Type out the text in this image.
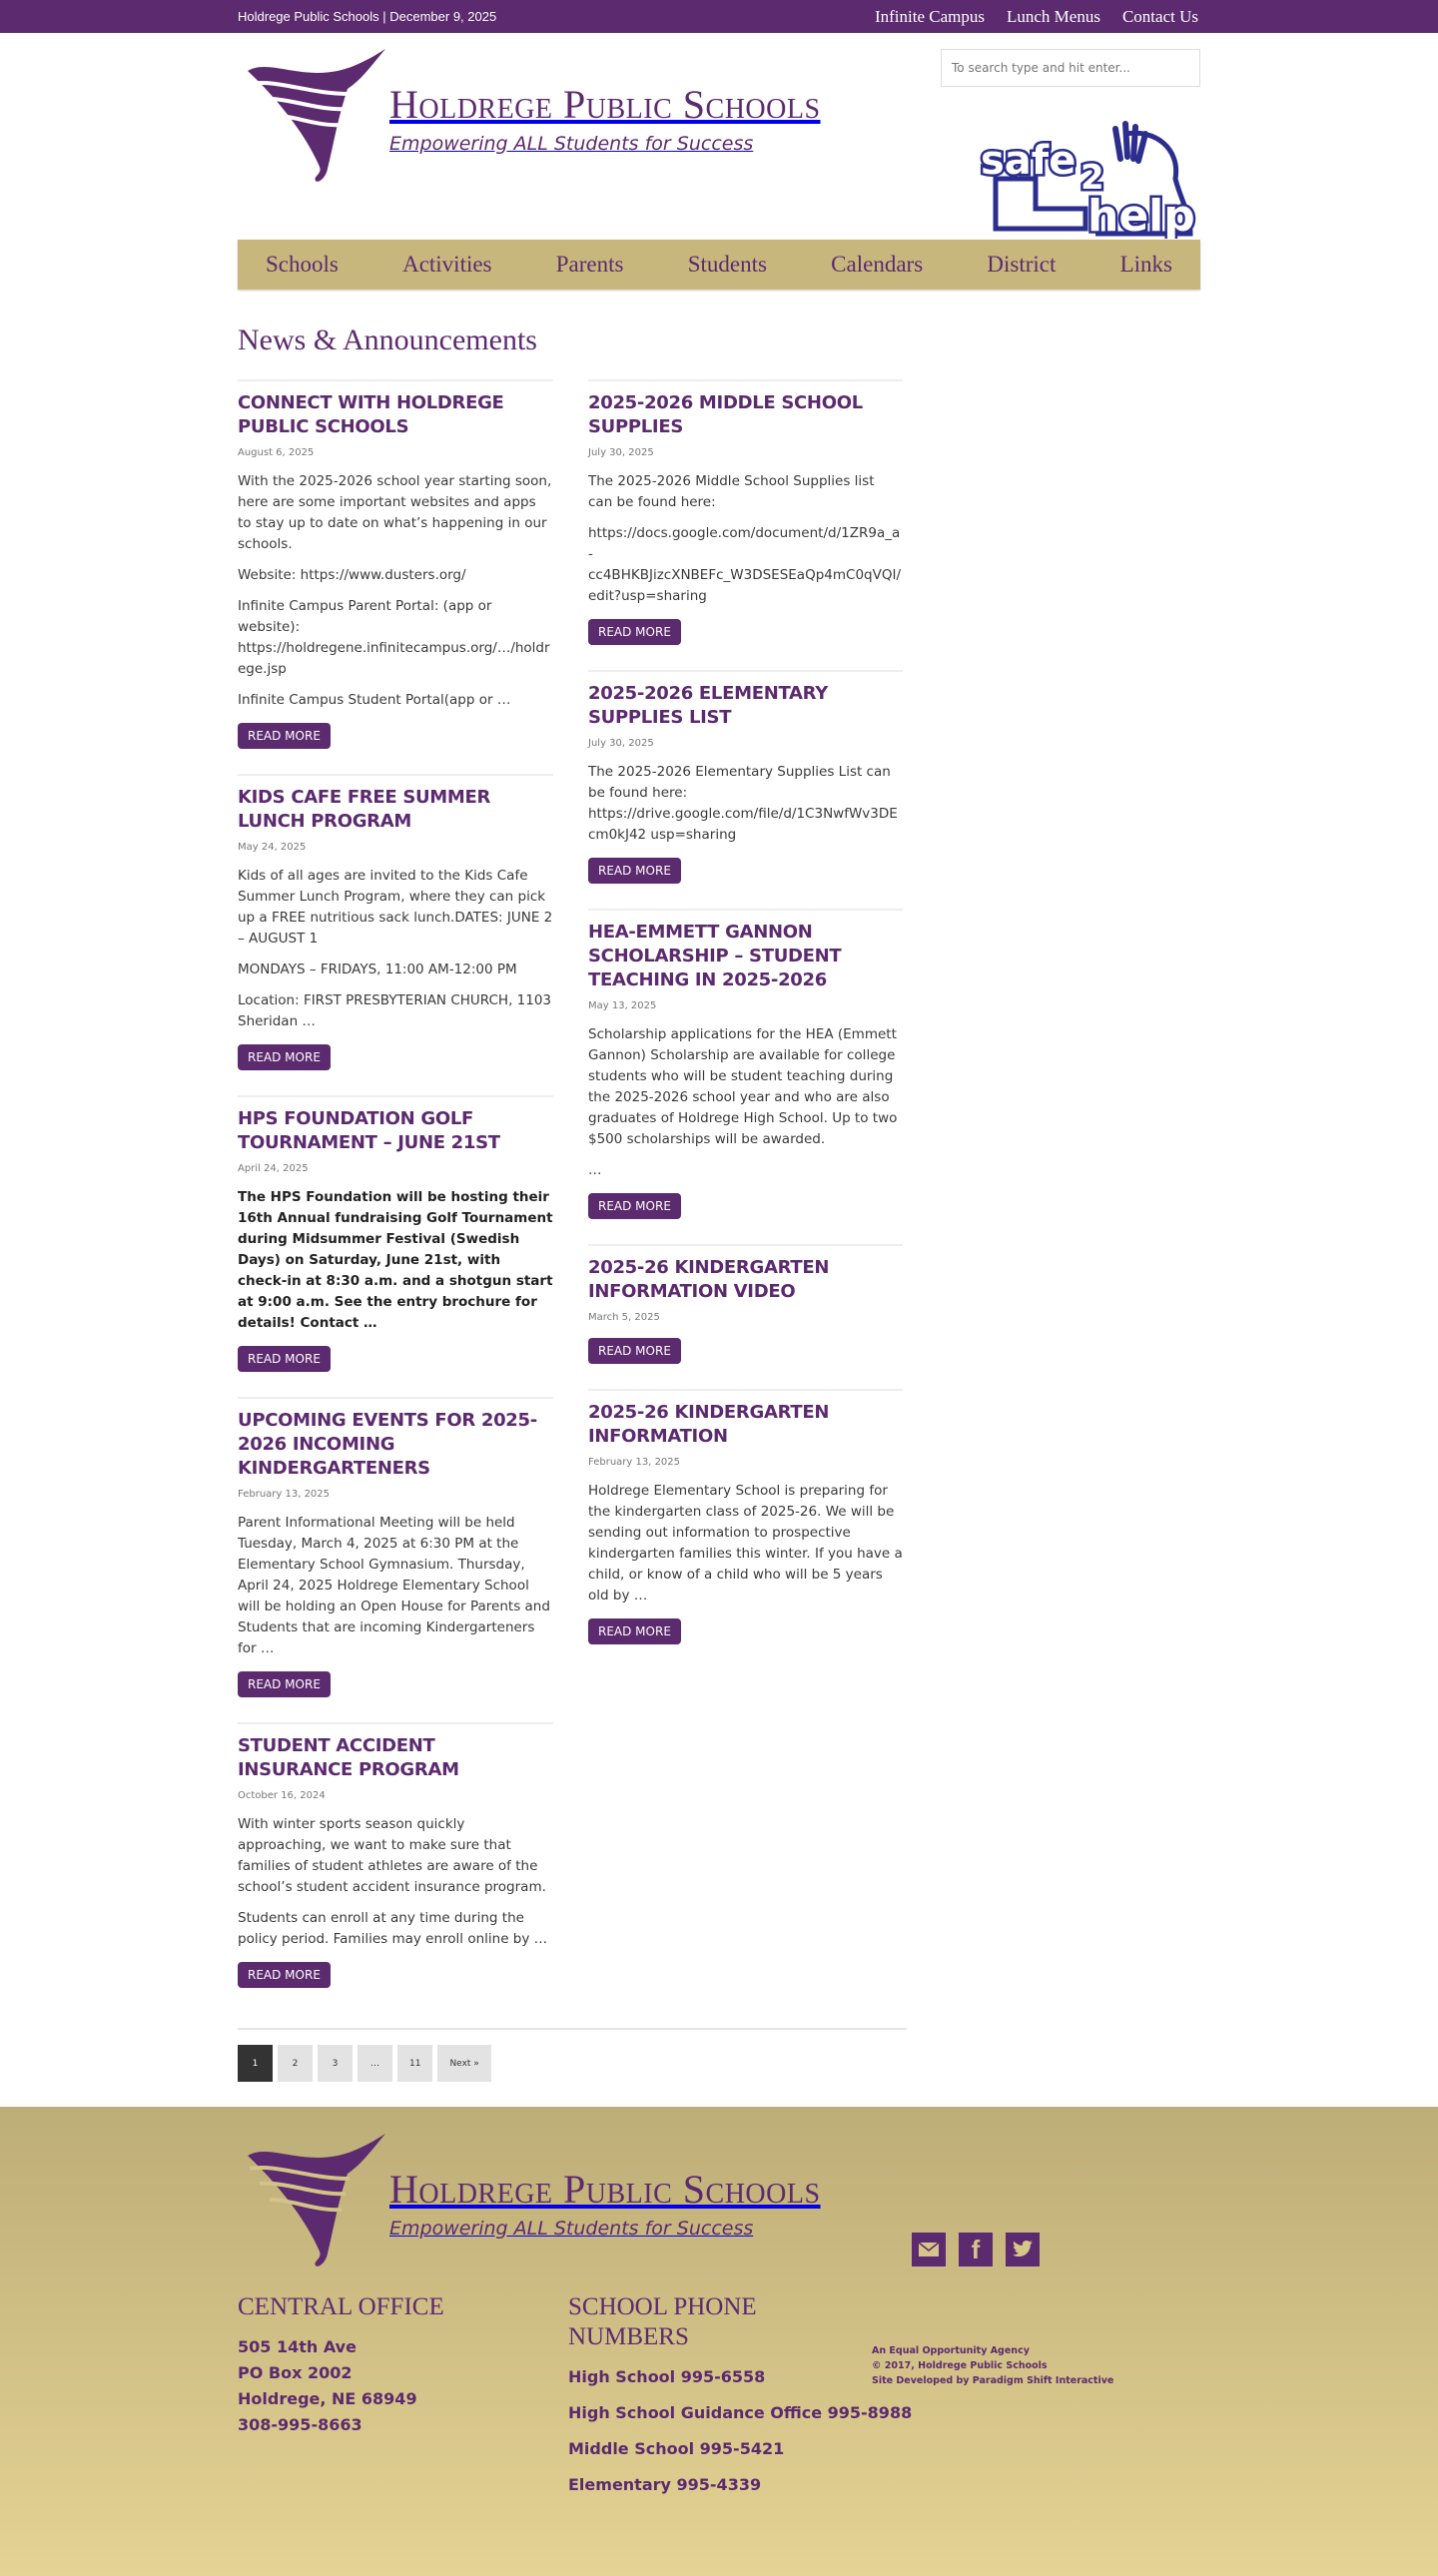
Holdrege Public Schools | December 9, 2025	Infinite Campus Lunch Menus Contact Us
Holdrege Public Schools
Empowering ALL Students for Success
To search type and hit enter...	safe 2
help
Schools	Activities	Parents	Students	Calendars	District	Links
News & Announcements
CONNECT WITH HOLDREGE PUBLIC SCHOOLS
August 6, 2025

With the 2025-2026 school year starting soon, here are some important websites and apps to stay up to date on what’s happening in our schools.

Website: https://www.dusters.org/

Infinite Campus Parent Portal: (app or website): https://holdregene.infinitecampus.org/…/holdrege.jsp

Infinite Campus Student Portal(app or …

READ MORE
KIDS CAFE FREE SUMMER LUNCH PROGRAM
May 24, 2025

Kids of all ages are invited to the Kids Cafe Summer Lunch Program, where they can pick up a FREE nutritious sack lunch.DATES: JUNE 2 – AUGUST 1

MONDAYS – FRIDAYS, 11:00 AM-12:00 PM

Location: FIRST PRESBYTERIAN CHURCH, 1103 Sheridan …

READ MORE
HPS FOUNDATION GOLF TOURNAMENT – JUNE 21ST
April 24, 2025

The HPS Foundation will be hosting their 16th Annual fundraising Golf Tournament during Midsummer Festival (Swedish Days) on Saturday, June 21st, with check-in at 8:30 a.m. and a shotgun start at 9:00 a.m. See the entry brochure for details! Contact …

READ MORE
UPCOMING EVENTS FOR 2025-2026 INCOMING KINDERGARTENERS
February 13, 2025

Parent Informational Meeting will be held Tuesday, March 4, 2025 at 6:30 PM at the Elementary School Gymnasium. Thursday, April 24, 2025 Holdrege Elementary School will be holding an Open House for Parents and Students that are incoming Kindergarteners for …

READ MORE
STUDENT ACCIDENT INSURANCE PROGRAM
October 16, 2024

With winter sports season quickly approaching, we want to make sure that families of student athletes are aware of the school’s student accident insurance program.

Students can enroll at any time during the policy period. Families may enroll online by …

READ MORE
2025-2026 MIDDLE SCHOOL SUPPLIES
July 30, 2025

The 2025-2026 Middle School Supplies list can be found here:

https://docs.google.com/document/d/1ZR9a_a-cc4BHKBJizcXNBEFc_W3DSESEaQp4mC0qVQI/edit?usp=sharing

READ MORE
2025-2026 ELEMENTARY SUPPLIES LIST
July 30, 2025

The 2025-2026 Elementary Supplies List can be found here: https://drive.google.com/file/d/1C3NwfWv3DEcm0kJ42 usp=sharing

READ MORE
HEA-EMMETT GANNON SCHOLARSHIP – STUDENT TEACHING IN 2025-2026
May 13, 2025

Scholarship applications for the HEA (Emmett Gannon) Scholarship are available for college students who will be student teaching during the 2025-2026 school year and who are also graduates of Holdrege High School. Up to two $500 scholarships will be awarded.

…

READ MORE
2025-26 KINDERGARTEN INFORMATION VIDEO
March 5, 2025
READ MORE
2025-26 KINDERGARTEN INFORMATION
February 13, 2025

Holdrege Elementary School is preparing for the kindergarten class of 2025-26. We will be sending out information to prospective kindergarten families this winter. If you have a child, or know of a child who will be 5 years old by …

READ MORE
1	2	3	…	11	Next »
Holdrege Public Schools
Empowering ALL Students for Success
f
CENTRAL OFFICE
505 14th Ave
PO Box 2002
Holdrege, NE 68949
308-995-8663
SCHOOL PHONE NUMBERS
High School 995-6558
High School Guidance Office 995-8988
Middle School 995-5421
Elementary 995-4339
An Equal Opportunity Agency
© 2017, Holdrege Public Schools
Site Developed by Paradigm Shift Interactive
